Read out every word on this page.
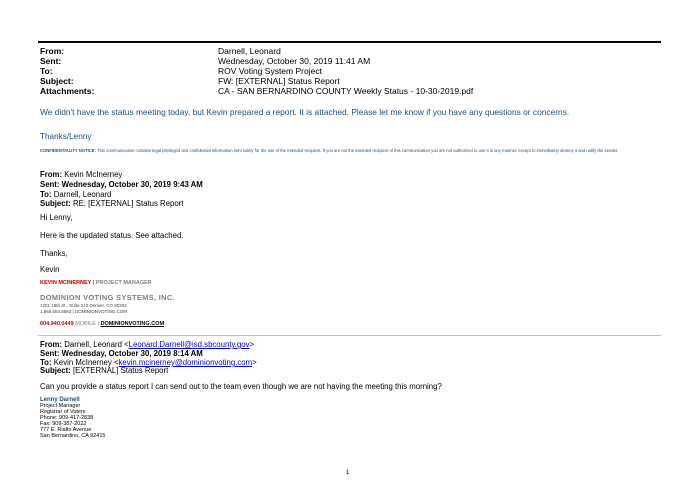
From:	Darnell, Leonard
Sent:	Wednesday, October 30, 2019 11:41 AM
To:	ROV Voting System Project
Subject:	FW: [EXTERNAL] Status Report
Attachments:	CA - SAN BERNARDINO COUNTY Weekly Status - 10-30-2019.pdf
We didn't have the status meeting today, but Kevin prepared a report. It is attached. Please let me know if you have any questions or concerns.
Thanks/Lenny
CONFIDENTIALITY NOTICE: This communication contains legal privileged and confidential information sent solely for the use of the intended recipient. If you are not the intended recipient of this communication you are not authorized to use it in any manner, except to immediately destroy it and notify the sender.
From: Kevin McInerney
Sent: Wednesday, October 30, 2019 9:43 AM
To: Darnell, Leonard
Subject: RE: [EXTERNAL] Status Report
Hi Lenny,
Here is the updated status. See attached.
Thanks,
Kevin
KEVIN MCINERNEY | PROJECT MANAGER
DOMINION VOTING SYSTEMS, INC.
1201 18th St., Suite 210 Denver, CO 80202
1.866.654.8683 | DOMINIONVOTING.COM
604.940.0449 MOBILE | DOMINIONVOTING.COM
From: Darnell, Leonard <Leonard.Darnell@isd.sbcounty.gov>
Sent: Wednesday, October 30, 2019 8:14 AM
To: Kevin McInerney <kevin.mcinerney@dominionvoting.com>
Subject: [EXTERNAL] Status Report
Can you provide a status report I can send out to the team even though we are not having the meeting this morning?
Lenny Darnell
Project Manager
Registrar of Voters
Phone: 909-417-2838
Fax: 909-387-2022
777 E. Rialto Avenue
San Bernardino, CA 92415
1
